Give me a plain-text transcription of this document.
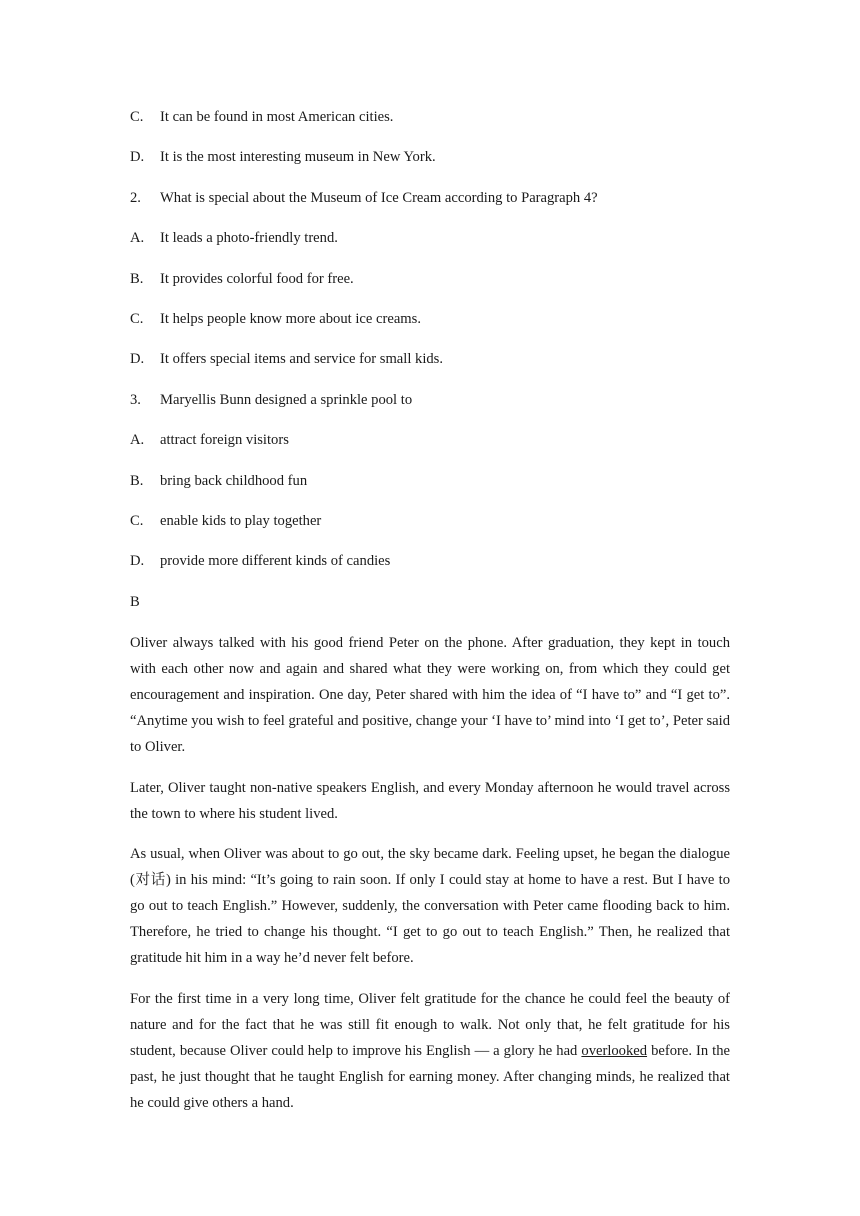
C.	It can be found in most American cities.
D.	It is the most interesting museum in New York.
2.	What is special about the Museum of Ice Cream according to Paragraph 4?
A.	It leads a photo-friendly trend.
B.	It provides colorful food for free.
C.	It helps people know more about ice creams.
D.	It offers special items and service for small kids.
3.	Maryellis Bunn designed a sprinkle pool to
A.	attract foreign visitors
B.	bring back childhood fun
C.	enable kids to play together
D.	provide more different kinds of candies
B

Oliver always talked with his good friend Peter on the phone. After graduation, they kept in touch with each other now and again and shared what they were working on, from which they could get encouragement and inspiration. One day, Peter shared with him the idea of “I have to” and “I get to”. “Anytime you wish to feel grateful and positive, change your ‘I have to’ mind into ‘I get to’, Peter said to Oliver.

Later, Oliver taught non-native speakers English, and every Monday afternoon he would travel across the town to where his student lived.

As usual, when Oliver was about to go out, the sky became dark. Feeling upset, he began the dialogue (对话) in his mind: “It’s going to rain soon. If only I could stay at home to have a rest. But I have to go out to teach English.” However, suddenly, the conversation with Peter came flooding back to him. Therefore, he tried to change his thought. “I get to go out to teach English.” Then, he realized that gratitude hit him in a way he’d never felt before.

For the first time in a very long time, Oliver felt gratitude for the chance he could feel the beauty of nature and for the fact that he was still fit enough to walk. Not only that, he felt gratitude for his student, because Oliver could help to improve his English — a glory he had overlooked before. In the past, he just thought that he taught English for earning money. After changing minds, he realized that he could give others a hand.
